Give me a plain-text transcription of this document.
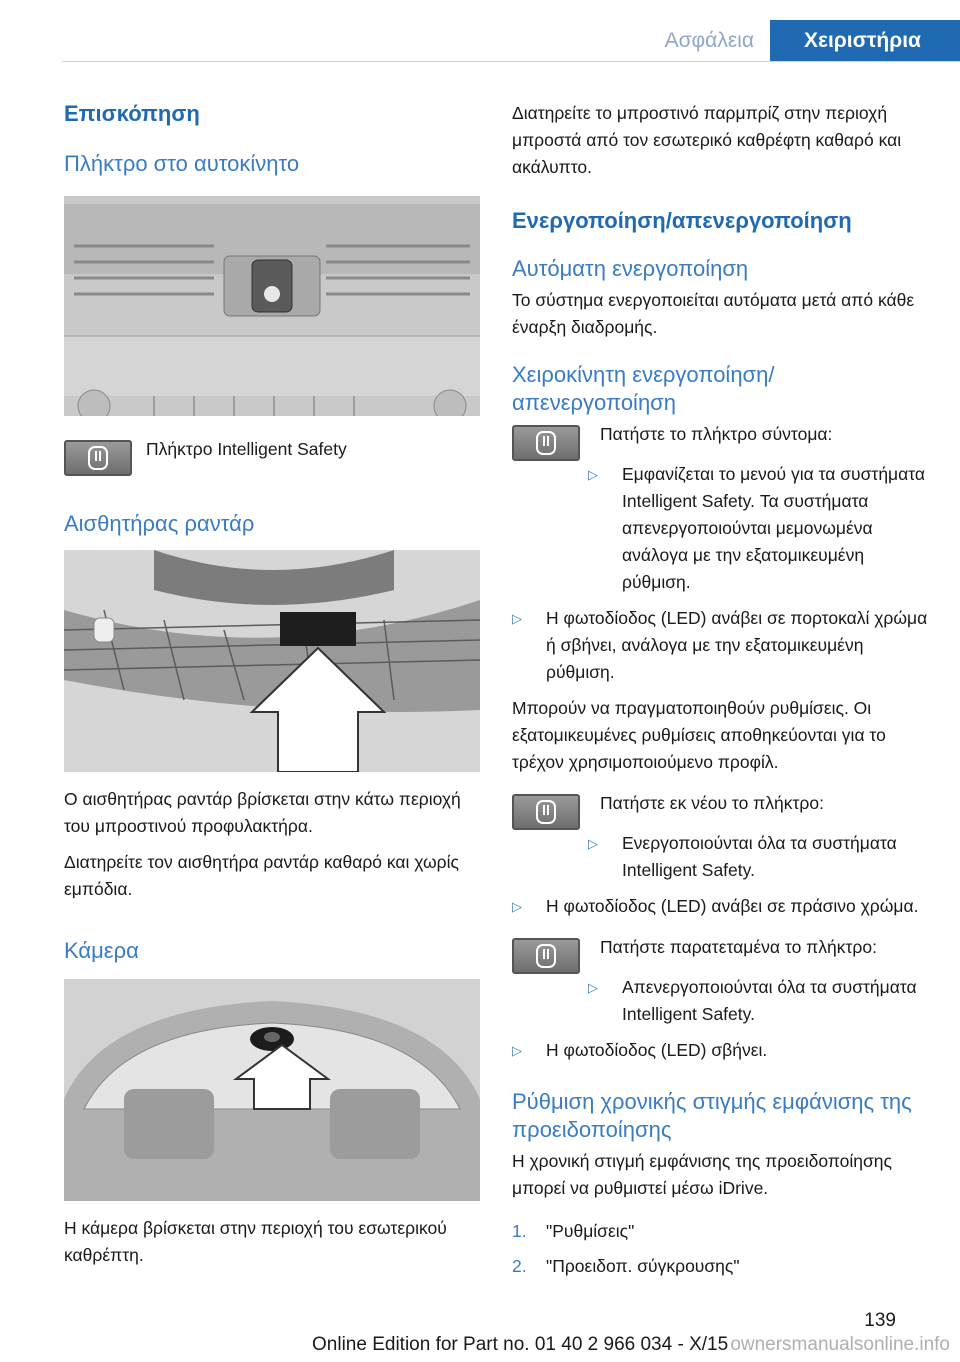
Ασφάλεια	Χειριστήρια
Επισκόπηση
Πλήκτρο στο αυτοκίνητο
Πλήκτρο Intelligent Safety
Αισθητήρας ραντάρ
Ο αισθητήρας ραντάρ βρίσκεται στην κάτω περιοχή του μπροστινού προφυλακτήρα.
Διατηρείτε τον αισθητήρα ραντάρ καθαρό και χωρίς εμπόδια.
Κάμερα
Η κάμερα βρίσκεται στην περιοχή του εσωτερικού καθρέπτη.
Διατηρείτε το μπροστινό παρμπρίζ στην περιοχή μπροστά από τον εσωτερικό καθρέφτη καθαρό και ακάλυπτο.
Ενεργοποίηση/απενεργοποίηση
Αυτόματη ενεργοποίηση
Το σύστημα ενεργοποιείται αυτόματα μετά από κάθε έναρξη διαδρομής.
Χειροκίνητη ενεργοποίηση/ απενεργοποίηση
Πατήστε το πλήκτρο σύντομα:
▷	Εμφανίζεται το μενού για τα συστήματα Intelligent Safety. Τα συστήματα απενεργοποιούνται μεμονωμένα ανάλογα με την εξατομικευμένη ρύθμιση.
▷	Η φωτοδίοδος (LED) ανάβει σε πορτοκαλί χρώμα ή σβήνει, ανάλογα με την εξατομικευμένη ρύθμιση.
Μπορούν να πραγματοποιηθούν ρυθμίσεις. Οι εξατομικευμένες ρυθμίσεις αποθηκεύονται για το τρέχον χρησιμοποιούμενο προφίλ.
Πατήστε εκ νέου το πλήκτρο:
▷	Ενεργοποιούνται όλα τα συστήματα Intelligent Safety.
▷	Η φωτοδίοδος (LED) ανάβει σε πράσινο χρώμα.
Πατήστε παρατεταμένα το πλήκτρο:
▷	Απενεργοποιούνται όλα τα συστήματα Intelligent Safety.
▷	Η φωτοδίοδος (LED) σβήνει.
Ρύθμιση χρονικής στιγμής εμφάνισης της προειδοποίησης
Η χρονική στιγμή εμφάνισης της προειδοποίησης μπορεί να ρυθμιστεί μέσω iDrive.
1.	"Ρυθμίσεις"
2.	"Προειδοπ. σύγκρουσης"
139
Online Edition for Part no. 01 40 2 966 034 - X/15 ownersmanualsonline.info
